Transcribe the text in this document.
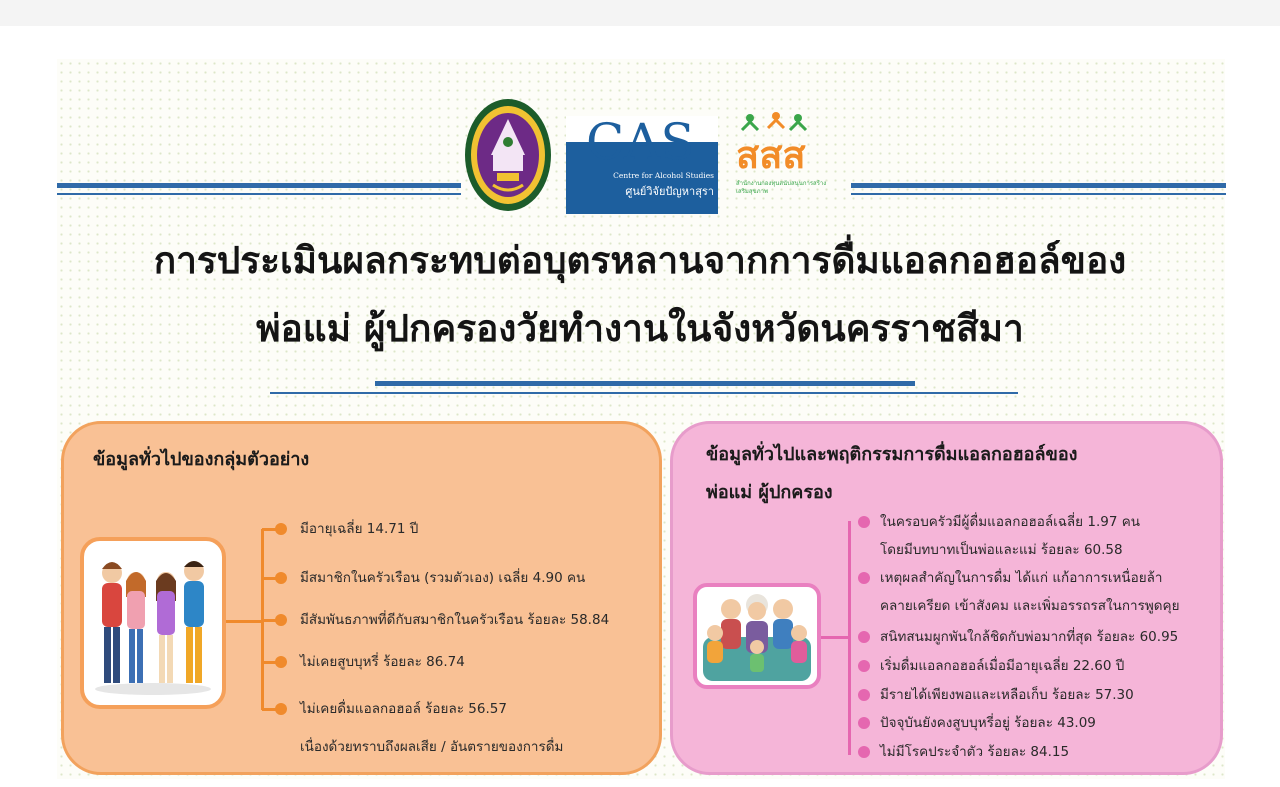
CAS
Centre for Alcohol Studies
ศูนย์วิจัยปัญหาสุรา
สสส
สำนักงานกองทุนสนับสนุนการสร้างเสริมสุขภาพ
การประเมินผลกระทบต่อบุตรหลานจากการดื่มแอลกอฮอล์ของ
พ่อแม่ ผู้ปกครองวัยทำงานในจังหวัดนครราชสีมา
ข้อมูลทั่วไปของกลุ่มตัวอย่าง
มีอายุเฉลี่ย 14.71 ปี
มีสมาชิกในครัวเรือน (รวมตัวเอง) เฉลี่ย 4.90 คน
มีสัมพันธภาพที่ดีกับสมาชิกในครัวเรือน ร้อยละ 58.84
ไม่เคยสูบบุหรี่ ร้อยละ 86.74
ไม่เคยดื่มแอลกอฮอล์ ร้อยละ 56.57
เนื่องด้วยทราบถึงผลเสีย / อันตรายของการดื่ม
ข้อมูลทั่วไปและพฤติกรรมการดื่มแอลกอฮอล์ของ
พ่อแม่ ผู้ปกครอง
ในครอบครัวมีผู้ดื่มแอลกอฮอล์เฉลี่ย 1.97 คน
โดยมีบทบาทเป็นพ่อและแม่ ร้อยละ 60.58
เหตุผลสำคัญในการดื่ม ได้แก่ แก้อาการเหนื่อยล้า
คลายเครียด เข้าสังคม และเพิ่มอรรถรสในการพูดคุย
สนิทสนมผูกพันใกล้ชิดกับพ่อมากที่สุด ร้อยละ 60.95
เริ่มดื่มแอลกอฮอล์เมื่อมีอายุเฉลี่ย 22.60 ปี
มีรายได้เพียงพอและเหลือเก็บ ร้อยละ 57.30
ปัจจุบันยังคงสูบบุหรี่อยู่ ร้อยละ 43.09
ไม่มีโรคประจำตัว ร้อยละ 84.15
